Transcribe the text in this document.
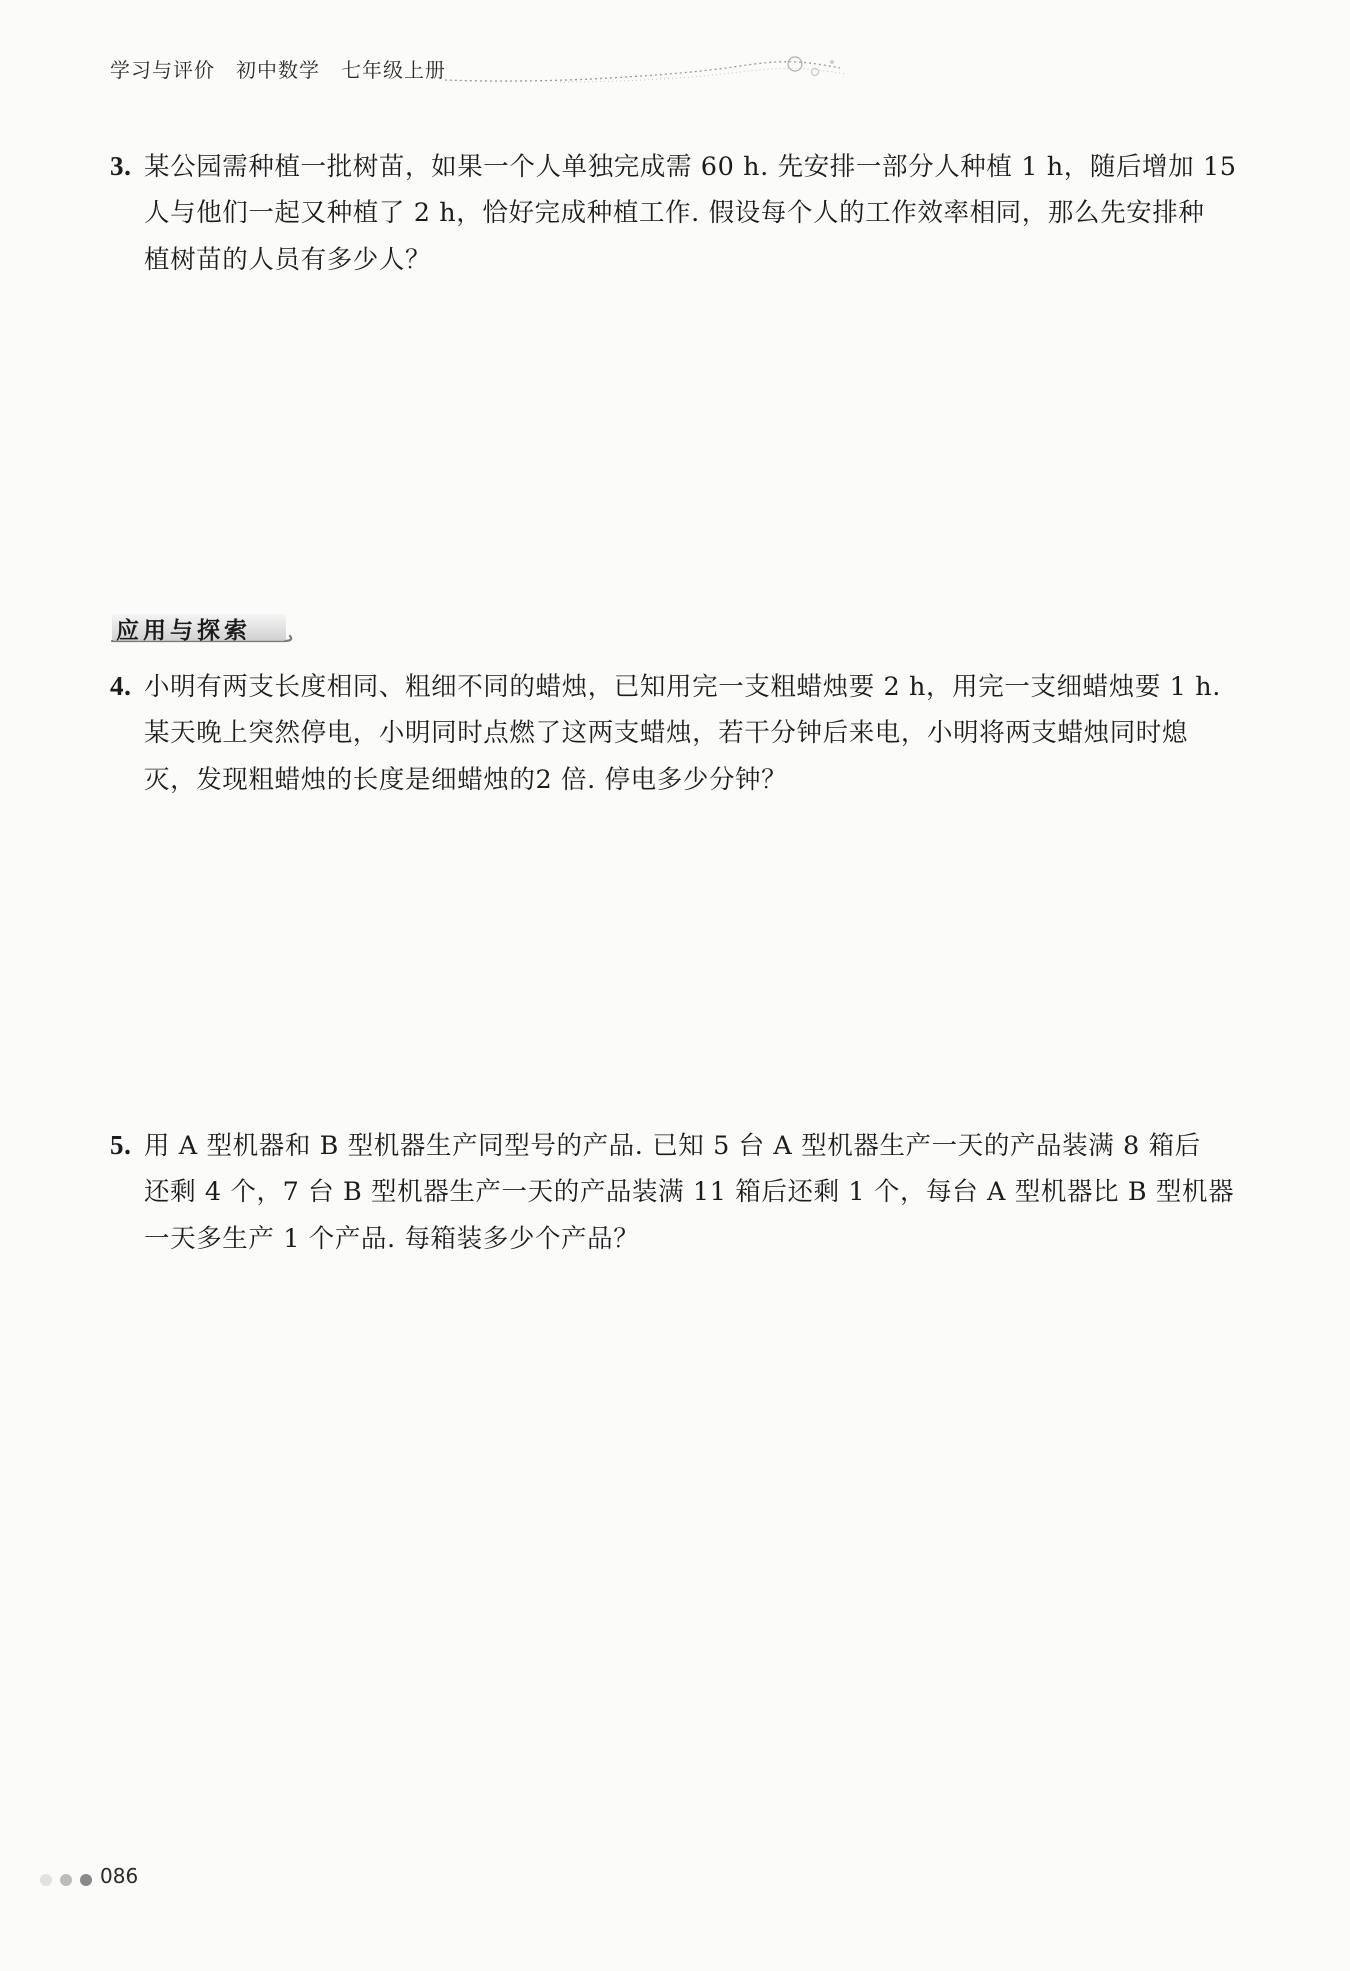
学习与评价　初中数学　七年级上册
3. 某公园需种植一批树苗，如果一个人单独完成需 60 h. 先安排一部分人种植 1 h，随后增加 15
人与他们一起又种植了 2 h，恰好完成种植工作. 假设每个人的工作效率相同，那么先安排种
植树苗的人员有多少人？
应用与探索
4. 小明有两支长度相同、粗细不同的蜡烛，已知用完一支粗蜡烛要 2 h，用完一支细蜡烛要 1 h.
某天晚上突然停电，小明同时点燃了这两支蜡烛，若干分钟后来电，小明将两支蜡烛同时熄
灭，发现粗蜡烛的长度是细蜡烛的2 倍. 停电多少分钟？
5. 用 A 型机器和 B 型机器生产同型号的产品. 已知 5 台 A 型机器生产一天的产品装满 8 箱后
还剩 4 个，7 台 B 型机器生产一天的产品装满 11 箱后还剩 1 个，每台 A 型机器比 B 型机器
一天多生产 1 个产品. 每箱装多少个产品？
086
